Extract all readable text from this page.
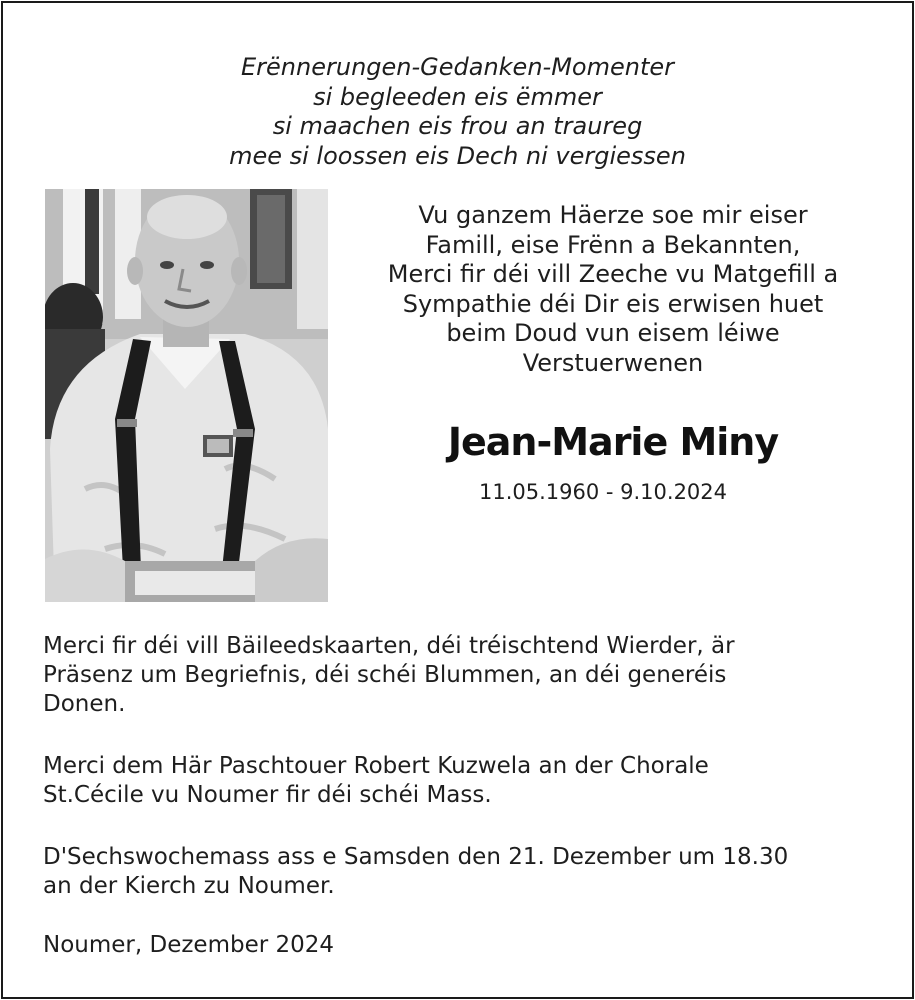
Erënnerungen-Gedanken-Momenter
si begleeden eis ëmmer
si maachen eis frou an traureg
mee si loossen eis Dech ni vergiessen
Vu ganzem Häerze soe mir eiser
Famill, eise Frënn a Bekannten,
Merci fir déi vill Zeeche vu Matgefill a
Sympathie déi Dir eis erwisen huet
beim Doud vun eisem léiwe
Verstuerwenen
Jean-Marie Miny
11.05.1960 - 9.10.2024
Merci fir déi vill Bäileedskaarten, déi tréischtend Wierder, är
Präsenz um Begriefnis, déi schéi Blummen, an déi generéis
Donen.
Merci dem Här Paschtouer Robert Kuzwela an der Chorale
St.Cécile vu Noumer fir déi schéi Mass.
D'Sechswochemass ass e Samsden den 21. Dezember um 18.30
an der Kierch zu Noumer.
Noumer, Dezember 2024
